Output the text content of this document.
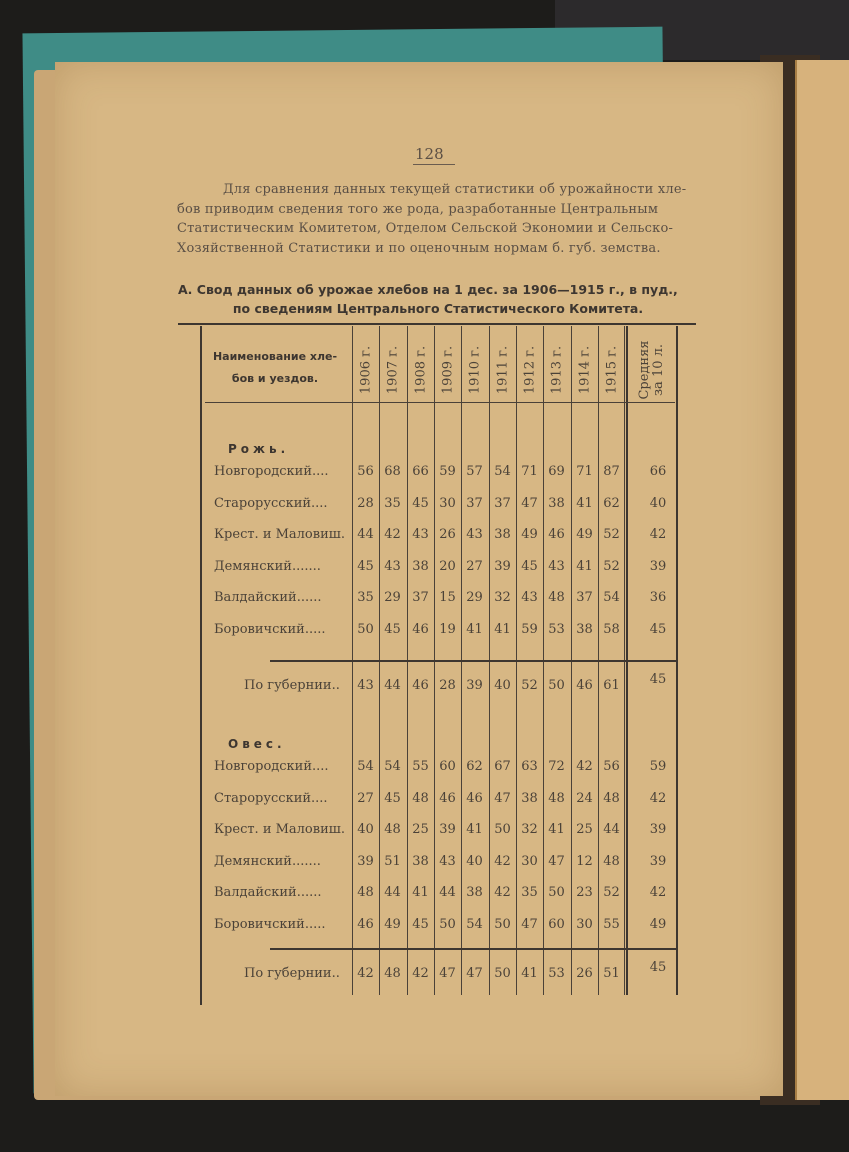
128
Для сравнения данных текущей статистики об урожайности хле-
бов приводим сведения того же рода, разработанные Центральным
Статистическим Комитетом, Отделом Сельской Экономии и Сельско-
Хозяйственной Статистики и по оценочным нормам б. губ. земства.
А. Свод данных об урожае хлебов на 1 дес. за 1906—1915 г., в пуд.,
по сведениям Центрального Статистического Комитета.
Наименование хле-
бов и уездов.	1906 г. 1907 г. 1908 г. 1909 г. 1910 г. 1911 г. 1912 г. 1913 г. 1914 г. 1915 г. Средняя за 10 л.
Рожь.
Новгородский....	56 68 66 59 57 54 71 69 71 87	66
Старорусский....	28 35 45 30 37 37 47 38 41 62	40
Крест. и Маловиш. 44 42 43 26 43 38 49 46 49 52	42
Демянский.......	45 43 38 20 27 39 45 43 41 52	39
Валдайский......	35 29 37 15 29 32 43 48 37 54	36
Боровичский.....	50 45 46 19 41 41 59 53 38 58	45
По губернии..	43 44 46 28 39 40 52 50 46 61	45
Овес.
Новгородский....	54 54 55 60 62 67 63 72 42 56	59
Старорусский....	27 45 48 46 46 47 38 48 24 48	42
Крест. и Маловиш. 40 48 25 39 41 50 32 41 25 44	39
Демянский.......	39 51 38 43 40 42 30 47 12 48	39
Валдайский......	48 44 41 44 38 42 35 50 23 52	42
Боровичский.....	46 49 45 50 54 50 47 60 30 55	49
По губернии..	42 48 42 47 47 50 41 53 26 51	45
